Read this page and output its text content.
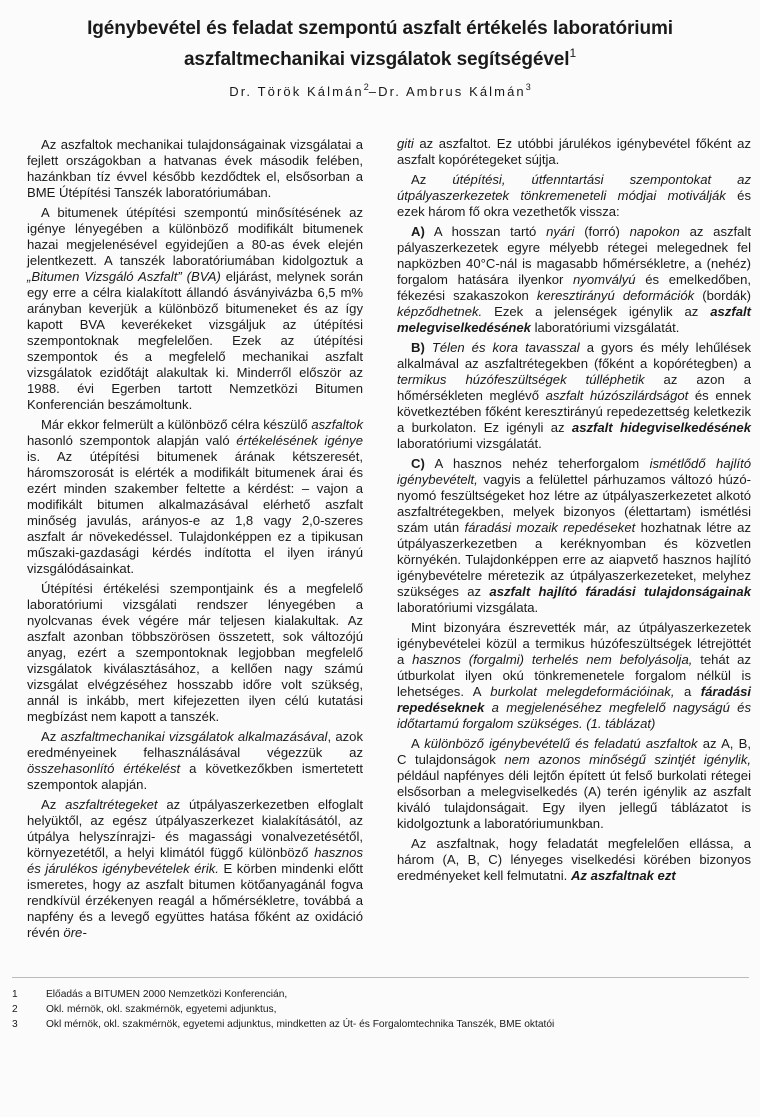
Igénybevétel és feladat szempontú aszfalt értékelés laboratóriumi
aszfaltmechanikai vizsgálatok segítségével$^1$
Dr. Török Kálmán$^2$–Dr. Ambrus Kálmán$^3$

Az aszfaltok mechanikai tulajdonságainak vizsgálatai a fejlett országokban a hatvanas évek második felében, hazánkban tíz évvel később kezdődtek el, elsősorban a BME Útépítési Tanszék laboratóriumában.

A bitumenek útépítési szempontú minősítésének az igénye lényegében a különböző modifikált bitumenek hazai megjelenésével egyidejűen a 80-as évek elején jelentkezett. A tanszék laboratóriumában kidolgoztuk a „Bitumen Vizsgáló Aszfalt” (BVA) eljárást, melynek során egy erre a célra kialakított állandó ásványivázba 6,5 m% arányban keverjük a különböző bitumeneket és az így kapott BVA keverékeket vizsgáljuk az útépítési szempontoknak megfelelően. Ezek az útépítési szempontok és a megfelelő mechanikai aszfalt vizsgálatok ezidőtájt alakultak ki. Minderről először az 1988. évi Egerben tartott Nemzetközi Bitumen Konferencián beszámoltunk.

Már ekkor felmerült a különböző célra készülő aszfaltok hasonló szempontok alapján való értékelésének igénye is. Az útépítési bitumenek árának kétszeresét, háromszorosát is elérték a modifikált bitumenek árai és ezért minden szakember feltette a kérdést: – vajon a modifikált bitumen alkalmazásával elérhető aszfalt minőség javulás, arányos-e az 1,8 vagy 2,0-szeres aszfalt ár növekedéssel. Tulajdonképpen ez a tipikusan műszaki-gazdasági kérdés indította el ilyen irányú vizsgálódásainkat.

Útépítési értékelési szempontjaink és a megfelelő laboratóriumi vizsgálati rendszer lényegében a nyolcvanas évek végére már teljesen kialakultak. Az aszfalt azonban többszörösen összetett, sok változójú anyag, ezért a szempontoknak legjobban megfelelő vizsgálatok kiválasztásához, a kellően nagy számú vizsgálat elvégzéséhez hosszabb időre volt szükség, annál is inkább, mert kifejezetten ilyen célú kutatási megbízást nem kapott a tanszék.

Az aszfaltmechanikai vizsgálatok alkalmazásával, azok eredményeinek felhasználásával végezzük az összehasonlító értékelést a következőkben ismertetett szempontok alapján.

Az aszfaltrétegeket az útpályaszerkezetben elfoglalt helyüktől, az egész útpályaszerkezet kialakításától, az útpálya helyszínrajzi- és magassági vonalvezetésétől, környezetétől, a helyi klimától függő különböző hasznos és járulékos igénybevételek érik. E körben mindenki előtt ismeretes, hogy az aszfalt bitumen kötőanyagánál fogva rendkívül érzékenyen reagál a hőmérsékletre, továbbá a napfény és a levegő együttes hatása főként az oxidáció révén öre-

giti az aszfaltot. Ez utóbbi járulékos igénybevétel főként az aszfalt kopórétegeket sújtja.

Az útépítési, útfenntartási szempontokat az útpályaszerkezetek tönkremeneteli módjai motiválják és ezek három fő okra vezethetők vissza:

A) A hosszan tartó nyári (forró) napokon az aszfalt pályaszerkezetek egyre mélyebb rétegei melegednek fel napközben 40°C-nál is magasabb hőmérsékletre, a (nehéz) forgalom hatására ilyenkor nyomvályú és emelkedőben, fékezési szakaszokon keresztirányú deformációk (bordák) képződhetnek. Ezek a jelenségek igénylik az aszfalt melegviselkedésének laboratóriumi vizsgálatát.

B) Télen és kora tavasszal a gyors és mély lehűlések alkalmával az aszfaltrétegekben (főként a kopórétegben) a termikus húzófeszültségek túlléphetik az azon a hőmérsékleten meglévő aszfalt húzószilárdságot és ennek következtében főként keresztirányú repedezettség keletkezik a burkolaton. Ez igényli az aszfalt hidegviselkedésének laboratóriumi vizsgálatát.

C) A hasznos nehéz teherforgalom ismétlődő hajlító igénybevételt, vagyis a felülettel párhuzamos változó húzó-nyomó feszültségeket hoz létre az útpályaszerkezetet alkotó aszfaltrétegekben, melyek bizonyos (élettartam) ismétlési szám után fáradási mozaik repedéseket hozhatnak létre az útpályaszerkezetben a keréknyomban és közvetlen környékén. Tulajdonképpen erre az aiapvető hasznos hajlító igénybevételre méretezik az útpályaszerkezeteket, melyhez szükséges az aszfalt hajlító fáradási tulajdonságainak laboratóriumi vizsgálata.

Mint bizonyára észrevették már, az útpályaszerkezetek igénybevételei közül a termikus húzófeszültségek létrejöttét a hasznos (forgalmi) terhelés nem befolyásolja, tehát az útburkolat ilyen okú tönkremenetele forgalom nélkül is lehetséges. A burkolat melegdeformációinak, a fáradási repedéseknek a megjelenéséhez megfelelő nagyságú és időtartamú forgalom szükséges. (1. táblázat)

A különböző igénybevételű és feladatú aszfaltok az A, B, C tulajdonságok nem azonos minőségű szintjét igénylik, például napfényes déli lejtőn épített út felső burkolati rétegei elsősorban a melegviselkedés (A) terén igénylik az aszfalt kiváló tulajdonságait. Egy ilyen jellegű táblázatot is kidolgoztunk a laboratóriumunkban.

Az aszfaltnak, hogy feladatát megfelelően ellássa, a három (A, B, C) lényeges viselkedési körében bizonyos eredményeket kell felmutatni. Az aszfaltnak ezt

1	Előadás a BITUMEN 2000 Nemzetközi Konferencián,
2	Okl. mérnök, okl. szakmérnök, egyetemi adjunktus,
3	Okl mérnök, okl. szakmérnök, egyetemi adjunktus, mindketten az Út- és Forgalomtechnika Tanszék, BME oktatói
